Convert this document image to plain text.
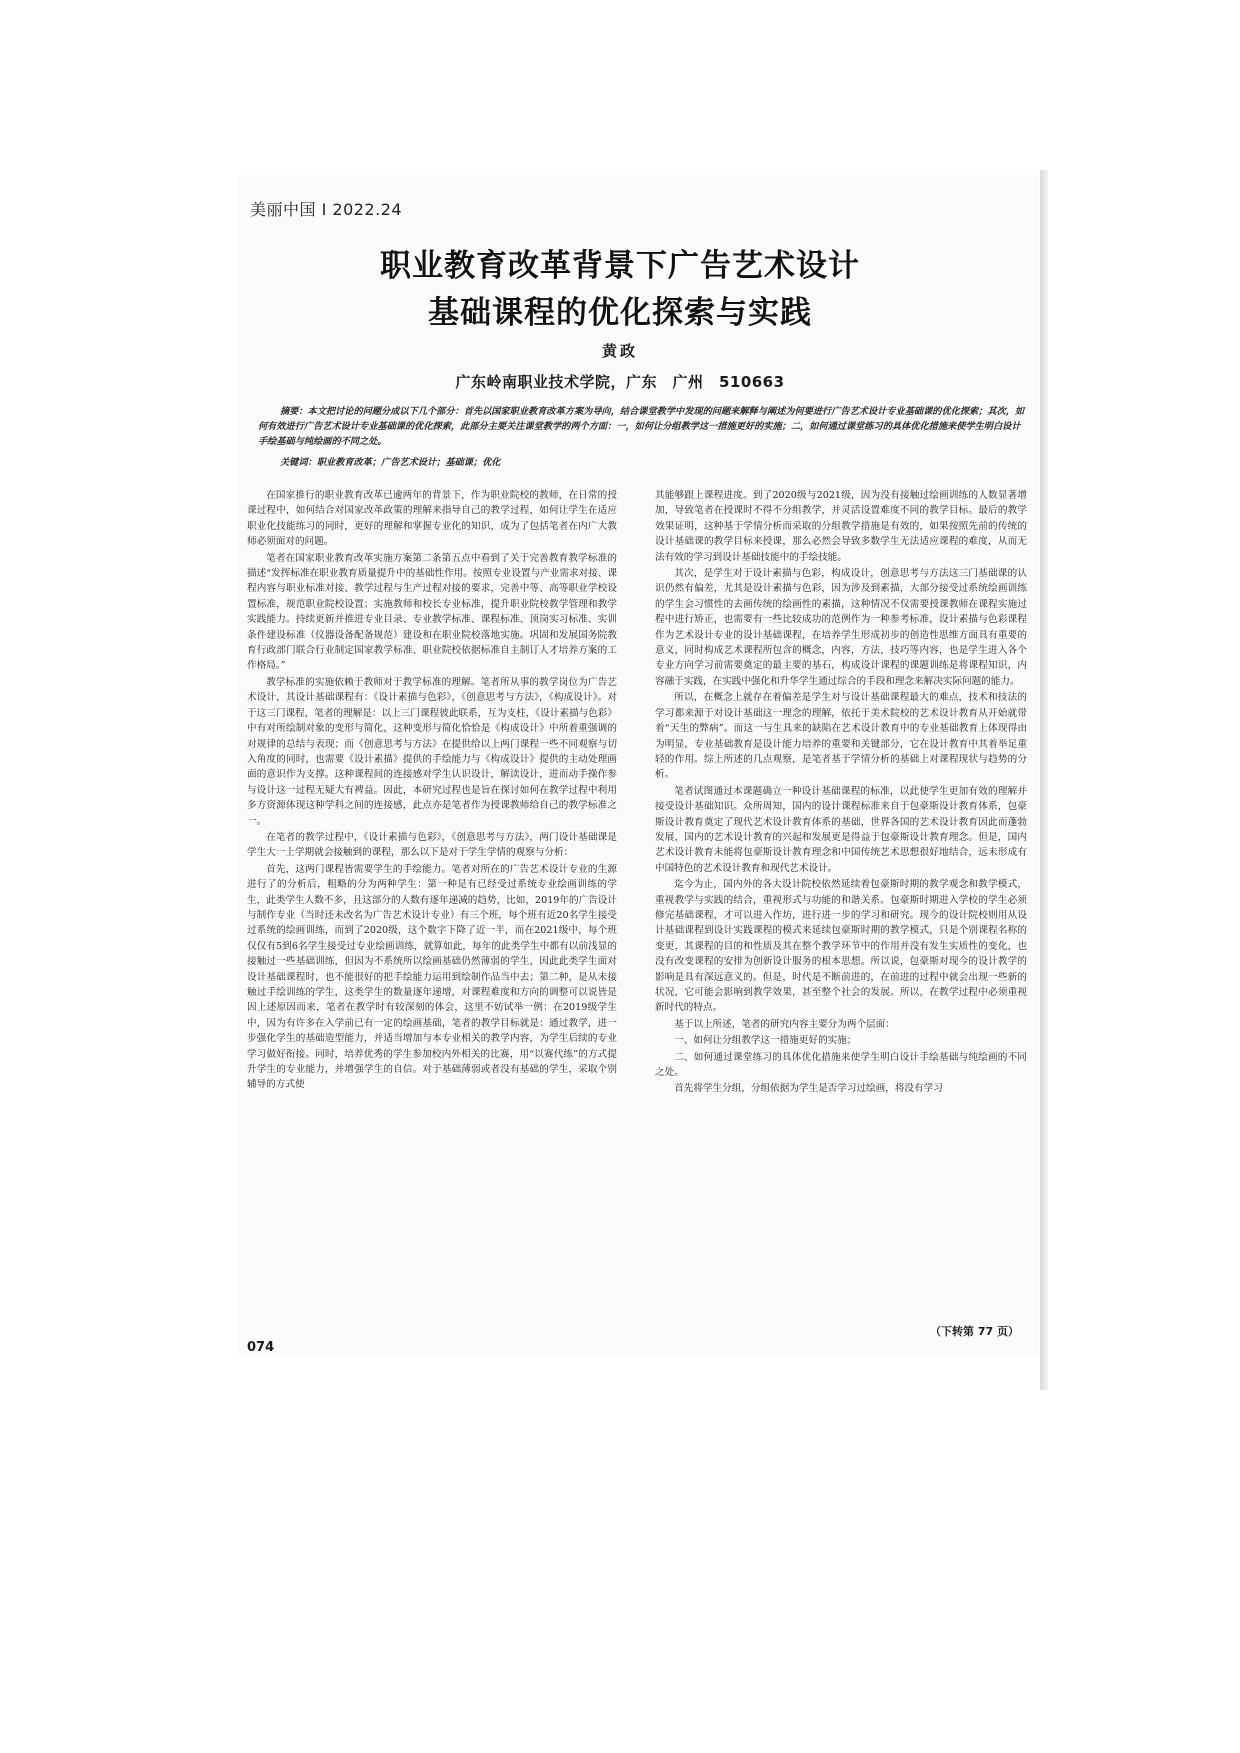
美丽中国 I 2022.24
职业教育改革背景下广告艺术设计
基础课程的优化探索与实践
黄政
广东岭南职业技术学院，广东　广州　510663
摘要：本文把讨论的问题分成以下几个部分：首先以国家职业教育改革方案为导向，结合课堂教学中发现的问题来解释与阐述为何要进行广告艺术设计专业基础课的优化探索；其次，如何有效进行广告艺术设计专业基础课的优化探索，此部分主要关注课堂教学的两个方面：一，如何让分组教学这一措施更好的实施；二，如何通过课堂练习的具体优化措施来使学生明白设计手绘基础与纯绘画的不同之处。
关键词：职业教育改革；广告艺术设计；基础课；优化

在国家推行的职业教育改革已逾两年的背景下，作为职业院校的教师，在日常的授课过程中，如何结合对国家改革政策的理解来指导自己的教学过程，如何让学生在适应职业化技能练习的同时，更好的理解和掌握专业化的知识，成为了包括笔者在内广大教师必须面对的问题。

笔者在国家职业教育改革实施方案第二条第五点中看到了关于完善教育教学标准的描述“发挥标准在职业教育质量提升中的基础性作用。按照专业设置与产业需求对接、课程内容与职业标准对接、教学过程与生产过程对接的要求，完善中等、高等职业学校设置标准，规范职业院校设置；实施教师和校长专业标准，提升职业院校教学管理和教学实践能力。持续更新并推进专业目录、专业教学标准、课程标准、顶岗实习标准、实训条件建设标准（仪器设备配备规范）建设和在职业院校落地实施。巩固和发展国务院教育行政部门联合行业制定国家教学标准、职业院校依据标准自主制订人才培养方案的工作格局。”

教学标准的实施依赖于教师对于教学标准的理解。笔者所从事的教学岗位为广告艺术设计，其设计基础课程有：《设计素描与色彩》，《创意思考与方法》，《构成设计》。对于这三门课程，笔者的理解是：以上三门课程彼此联系，互为支柱，《设计素描与色彩》中有对所绘制对象的变形与简化，这种变形与简化恰恰是《构成设计》中所着重强调的对规律的总结与表现；而《创意思考与方法》在提供给以上两门课程一些不同观察与切入角度的同时，也需要《设计素描》提供的手绘能力与《构成设计》提供的主动处理画面的意识作为支撑。这种课程间的连接感对学生认识设计，解读设计，进而动手操作参与设计这一过程无疑大有裨益。因此，本研究过程也是旨在探讨如何在教学过程中利用多方资源体现这种学科之间的连接感，此点亦是笔者作为授课教师给自己的教学标准之一。

在笔者的教学过程中，《设计素描与色彩》，《创意思考与方法》，两门设计基础课是学生大一上学期就会接触到的课程，那么以下是对于学生学情的观察与分析：

首先，这两门课程皆需要学生的手绘能力。笔者对所在的广告艺术设计专业的生源进行了的分析后，粗略的分为两种学生：第一种是有已经受过系统专业绘画训练的学生，此类学生人数不多，且这部分的人数有逐年递减的趋势，比如，2019年的广告设计与制作专业（当时还未改名为广告艺术设计专业）有三个班，每个班有近20名学生接受过系统的绘画训练，而到了2020级，这个数字下降了近一半，而在2021级中，每个班仅仅有5到6名学生接受过专业绘画训练，就算如此，每年的此类学生中都有以前浅显的接触过一些基础训练，但因为不系统所以绘画基础仍然薄弱的学生，因此此类学生面对设计基础课程时，也不能很好的把手绘能力运用到绘制作品当中去；第二种，是从未接触过手绘训练的学生，这类学生的数量逐年递增，对课程难度和方向的调整可以说皆是因上述原因而来，笔者在教学时有较深刻的体会，这里不妨试举一例：在2019级学生中，因为有许多在入学前已有一定的绘画基础，笔者的教学目标就是：通过教学，进一步强化学生的基础造型能力，并适当增加与本专业相关的教学内容，为学生后续的专业学习做好衔接。同时，培养优秀的学生参加校内外相关的比赛，用“以赛代练”的方式提升学生的专业能力，并增强学生的自信。对于基础薄弱或者没有基础的学生，采取个别辅导的方式使

其能够跟上课程进度。到了2020级与2021级，因为没有接触过绘画训练的人数显著增加，导致笔者在授课时不得不分组教学，并灵活设置难度不同的教学目标。最后的教学效果证明，这种基于学情分析而采取的分组教学措施是有效的，如果按照先前的传统的设计基础课的教学目标来授课，那么必然会导致多数学生无法适应课程的难度，从而无法有效的学习到设计基础技能中的手绘技能。

其次，是学生对于设计素描与色彩，构成设计，创意思考与方法这三门基础课的认识仍然有偏差，尤其是设计素描与色彩，因为涉及到素描，大部分接受过系统绘画训练的学生会习惯性的去画传统的绘画性的素描，这种情况不仅需要授课教师在课程实施过程中进行矫正，也需要有一些比较成功的范例作为一种参考标准，设计素描与色彩课程作为艺术设计专业的设计基础课程，在培养学生形成初步的创造性思维方面具有重要的意义，同时构成艺术课程所包含的概念，内容，方法，技巧等内容，也是学生进入各个专业方向学习前需要奠定的最主要的基石，构成设计课程的课题训练是将课程知识，内容融于实践，在实践中强化和升华学生通过综合的手段和理念来解决实际问题的能力。

所以，在概念上就存在着偏差是学生对与设计基础课程最大的难点，技术和技法的学习都来源于对设计基础这一理念的理解，依托于美术院校的艺术设计教育从开始就带着“天生的弊病”。而这一与生具来的缺陷在艺术设计教育中的专业基础教育上体现得由为明显，专业基础教育是设计能力培养的重要和关键部分，它在设计教育中其着举足重轻的作用。综上所述的几点观察，是笔者基于学情分析的基础上对课程现状与趋势的分析。

笔者试图通过本课题确立一种设计基础课程的标准，以此使学生更加有效的理解并接受设计基础知识。众所周知，国内的设计课程标准来自于包豪斯设计教育体系，包豪斯设计教育奠定了现代艺术设计教育体系的基础，世界各国的艺术设计教育因此而蓬勃发展，国内的艺术设计教育的兴起和发展更是得益于包豪斯设计教育理念。但是，国内艺术设计教育未能将包豪斯设计教育理念和中国传统艺术思想很好地结合，远未形成有中国特色的艺术设计教育和现代艺术设计。

迄今为止，国内外的各大设计院校依然延续着包豪斯时期的教学观念和教学模式，重视教学与实践的结合，重视形式与功能的和谐关系。包豪斯时期进入学校的学生必须修完基础课程，才可以进入作坊，进行进一步的学习和研究。现今的设计院校则用从设计基础课程到设计实践课程的模式来延续包豪斯时期的教学模式，只是个别课程名称的变更，其课程的目的和性质及其在整个教学环节中的作用并没有发生实质性的变化，也没有改变课程的安排为创新设计服务的根本思想。所以说，包豪斯对现今的设计教学的影响是具有深远意义的。但是，时代是不断前进的，在前进的过程中就会出现一些新的状况，它可能会影响到教学效果，甚至整个社会的发展。所以，在教学过程中必须重视新时代的特点。

基于以上所述，笔者的研究内容主要分为两个层面：

一、如何让分组教学这一措施更好的实施；

二、如何通过课堂练习的具体优化措施来使学生明白设计手绘基础与纯绘画的不同之处。

首先将学生分组，分组依据为学生是否学习过绘画，将没有学习

（下转第 77 页）
074
